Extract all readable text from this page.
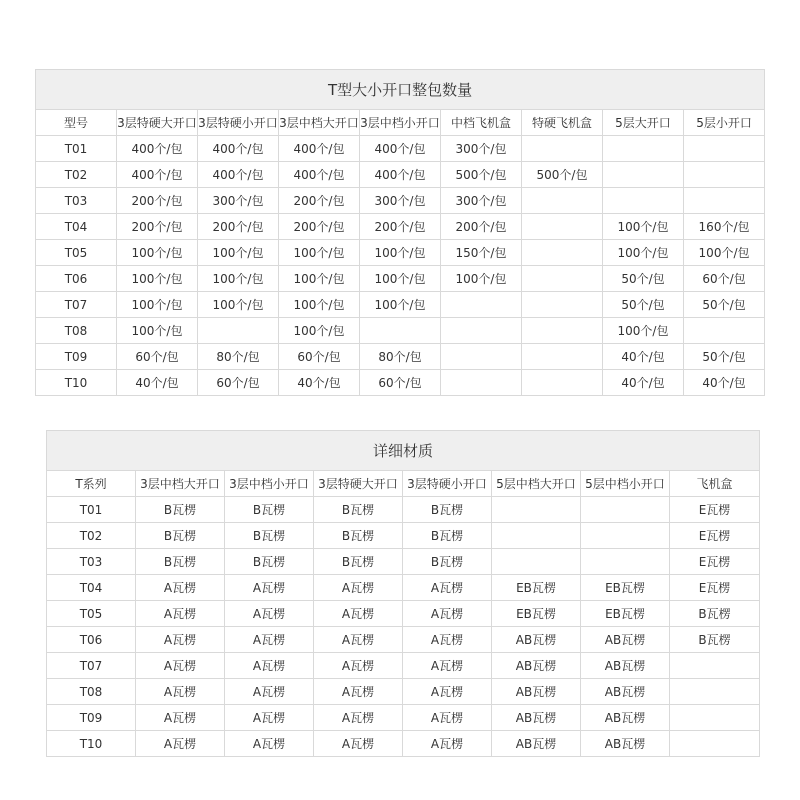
T型大小开口整包数量								
型号	3层特硬大开口	3层特硬小开口	3层中档大开口	3层中档小开口	中档飞机盒	特硬飞机盒	5层大开口	5层小开口
T01	400个/包	400个/包	400个/包	400个/包	300个/包			
T02	400个/包	400个/包	400个/包	400个/包	500个/包	500个/包		
T03	200个/包	300个/包	200个/包	300个/包	300个/包			
T04	200个/包	200个/包	200个/包	200个/包	200个/包		100个/包	160个/包
T05	100个/包	100个/包	100个/包	100个/包	150个/包		100个/包	100个/包
T06	100个/包	100个/包	100个/包	100个/包	100个/包		50个/包	60个/包
T07	100个/包	100个/包	100个/包	100个/包			50个/包	50个/包
T08	100个/包		100个/包				100个/包	
T09	60个/包	80个/包	60个/包	80个/包			40个/包	50个/包
T10	40个/包	60个/包	40个/包	60个/包			40个/包	40个/包
详细材质							
T系列	3层中档大开口	3层中档小开口	3层特硬大开口	3层特硬小开口	5层中档大开口	5层中档小开口	飞机盒
T01	B瓦楞	B瓦楞	B瓦楞	B瓦楞			E瓦楞
T02	B瓦楞	B瓦楞	B瓦楞	B瓦楞			E瓦楞
T03	B瓦楞	B瓦楞	B瓦楞	B瓦楞			E瓦楞
T04	A瓦楞	A瓦楞	A瓦楞	A瓦楞	EB瓦楞	EB瓦楞	E瓦楞
T05	A瓦楞	A瓦楞	A瓦楞	A瓦楞	EB瓦楞	EB瓦楞	B瓦楞
T06	A瓦楞	A瓦楞	A瓦楞	A瓦楞	AB瓦楞	AB瓦楞	B瓦楞
T07	A瓦楞	A瓦楞	A瓦楞	A瓦楞	AB瓦楞	AB瓦楞	
T08	A瓦楞	A瓦楞	A瓦楞	A瓦楞	AB瓦楞	AB瓦楞	
T09	A瓦楞	A瓦楞	A瓦楞	A瓦楞	AB瓦楞	AB瓦楞	
T10	A瓦楞	A瓦楞	A瓦楞	A瓦楞	AB瓦楞	AB瓦楞	
